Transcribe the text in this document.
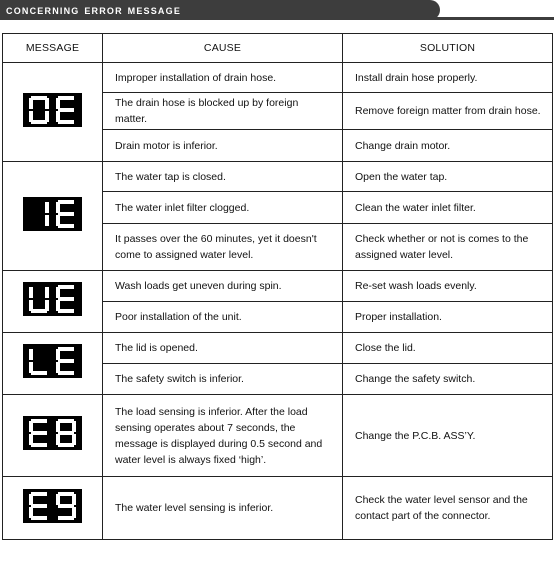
concerning error message
MESSAGE	CAUSE	SOLUTION

	Improper installation of drain hose.	Install drain hose properly.
	The drain hose is blocked up by foreign matter.	Remove foreign matter from drain hose.
	Drain motor is inferior.	Change drain motor.

	The water tap is closed.	Open the water tap.
	The water inlet filter clogged.	Clean the water inlet filter.
	It passes over the 60 minutes, yet it doesn't come to assigned water level.	Check whether or not is comes to the assigned water level.

	Wash loads get uneven during spin.	Re-set wash loads evenly.
	Poor installation of the unit.	Proper installation.

	The lid is opened.	Close the lid.
	The safety switch is inferior.	Change the safety switch.

	The load sensing is inferior. After the load sensing operates about 7 seconds, the message is displayed during 0.5 second and water level is always fixed ‘high’.	Change the P.C.B. ASS’Y.

	The water level sensing is inferior.	Check the water level sensor and the contact part of the connector.
